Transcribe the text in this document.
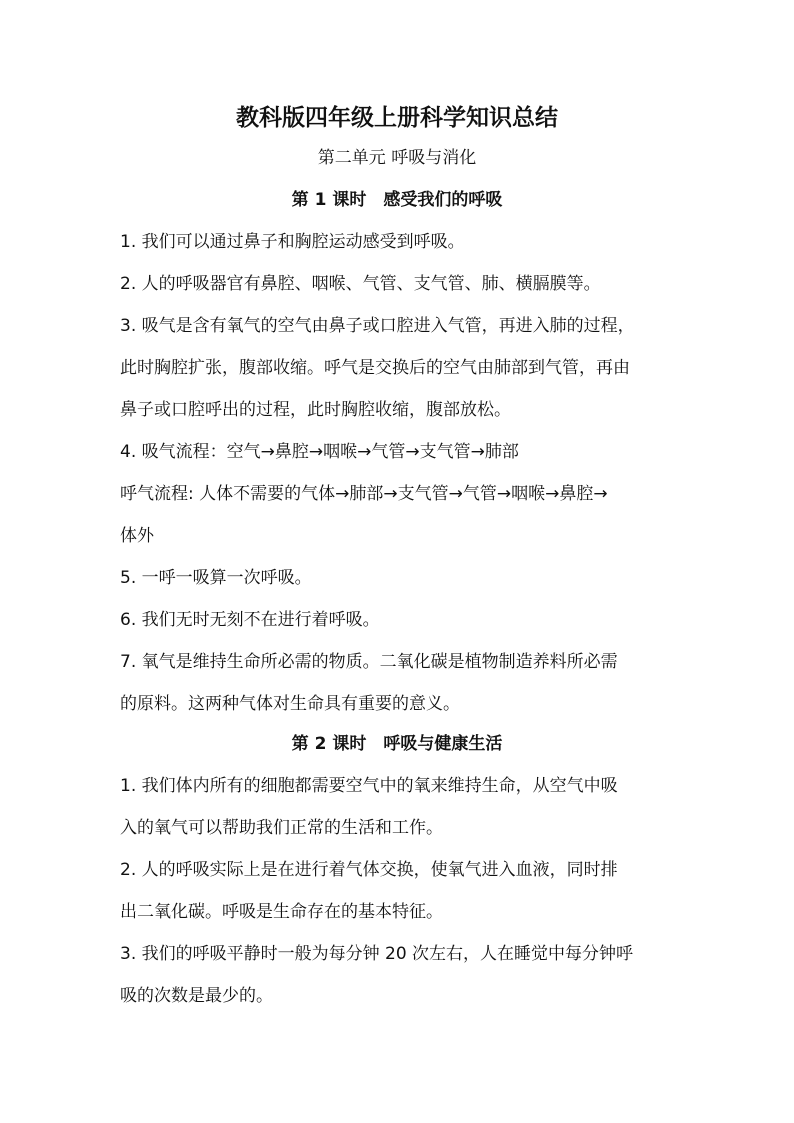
教科版四年级上册科学知识总结
第二单元 呼吸与消化
第 1 课时　感受我们的呼吸
1. 我们可以通过鼻子和胸腔运动感受到呼吸。
2. 人的呼吸器官有鼻腔、咽喉、气管、支气管、肺、横膈膜等。
3. 吸气是含有氧气的空气由鼻子或口腔进入气管，再进入肺的过程，
此时胸腔扩张，腹部收缩。呼气是交换后的空气由肺部到气管，再由
鼻子或口腔呼出的过程，此时胸腔收缩，腹部放松。
4. 吸气流程：空气→鼻腔→咽喉→气管→支气管→肺部
呼气流程: 人体不需要的气体→肺部→支气管→气管→咽喉→鼻腔→
体外
5. 一呼一吸算一次呼吸。
6. 我们无时无刻不在进行着呼吸。
7. 氧气是维持生命所必需的物质。二氧化碳是植物制造养料所必需
的原料。这两种气体对生命具有重要的意义。
第 2 课时　呼吸与健康生活
1. 我们体内所有的细胞都需要空气中的氧来维持生命，从空气中吸
入的氧气可以帮助我们正常的生活和工作。
2. 人的呼吸实际上是在进行着气体交换，使氧气进入血液，同时排
出二氧化碳。呼吸是生命存在的基本特征。
3. 我们的呼吸平静时一般为每分钟 20 次左右，人在睡觉中每分钟呼
吸的次数是最少的。
